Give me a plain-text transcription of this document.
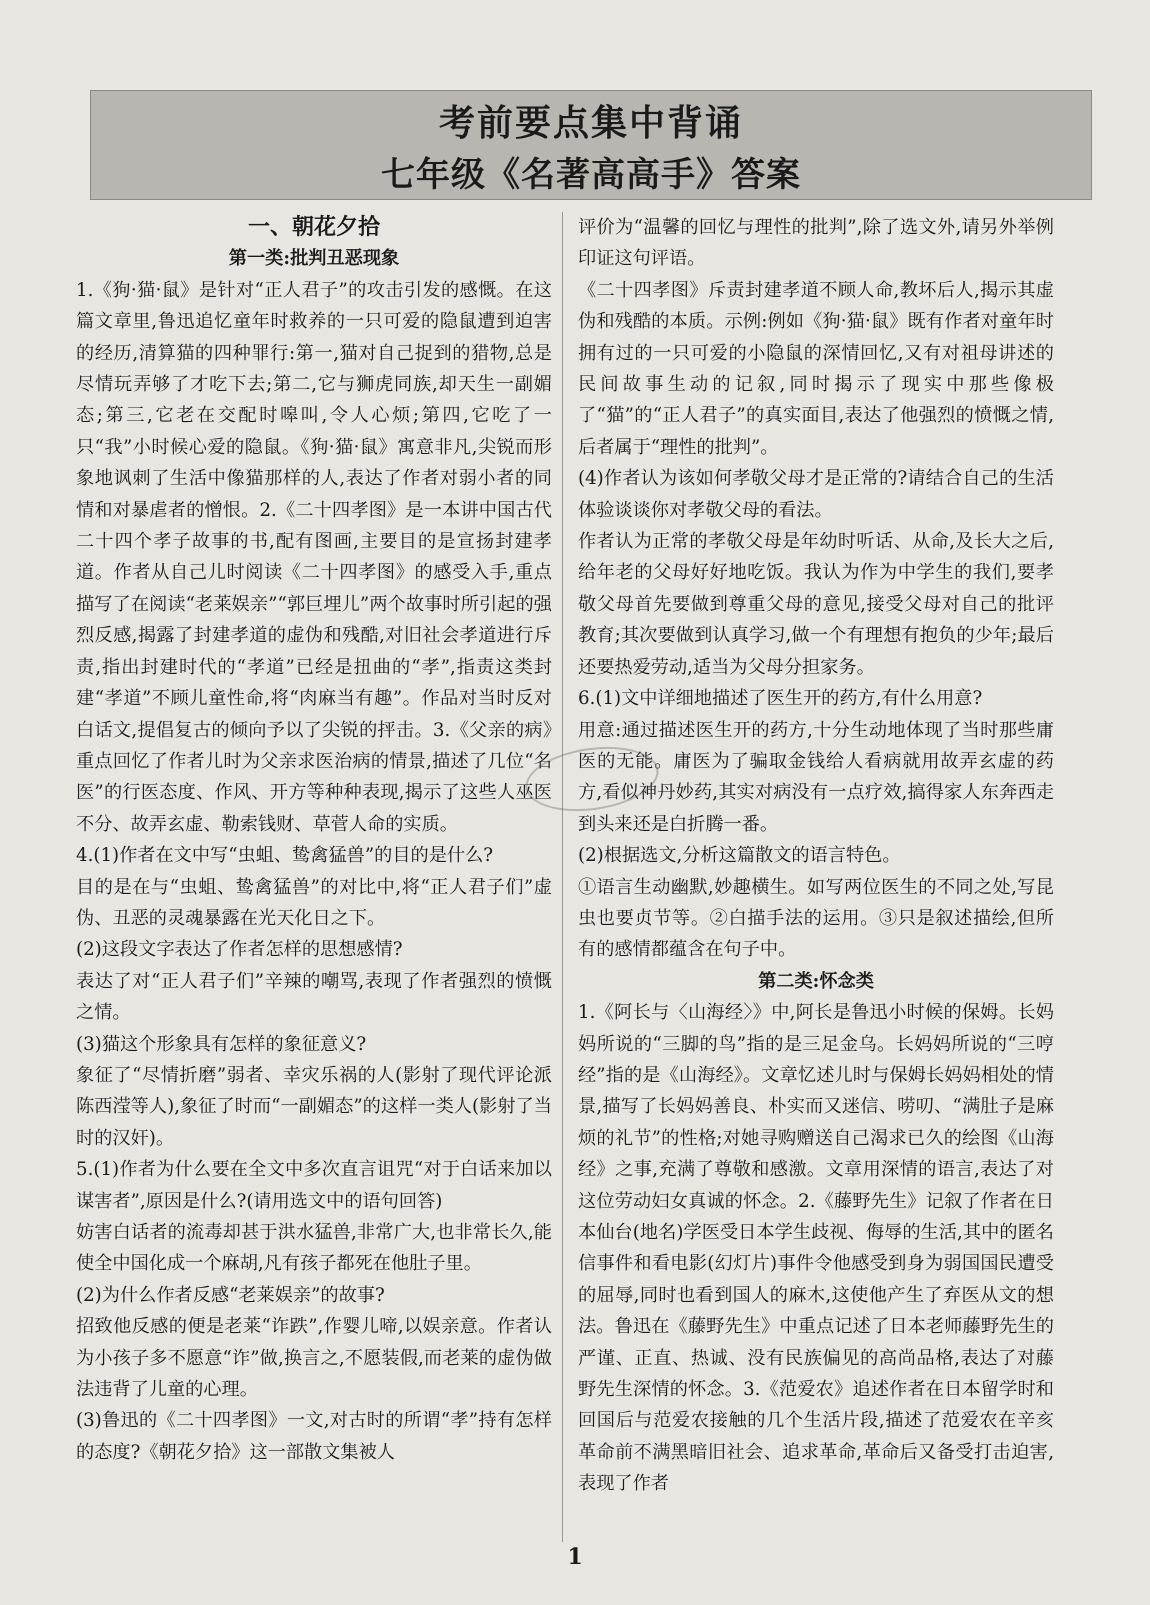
考前要点集中背诵
七年级《名著高高手》答案

一、朝花夕拾

第一类:批判丑恶现象

1.《狗·猫·鼠》是针对“正人君子”的攻击引发的感慨。在这篇文章里,鲁迅追忆童年时救养的一只可爱的隐鼠遭到迫害的经历,清算猫的四种罪行:第一,猫对自己捉到的猎物,总是尽情玩弄够了才吃下去;第二,它与狮虎同族,却天生一副媚态;第三,它老在交配时嗥叫,令人心烦;第四,它吃了一只“我”小时候心爱的隐鼠。《狗·猫·鼠》寓意非凡,尖锐而形象地讽刺了生活中像猫那样的人,表达了作者对弱小者的同情和对暴虐者的憎恨。2.《二十四孝图》是一本讲中国古代二十四个孝子故事的书,配有图画,主要目的是宣扬封建孝道。作者从自己儿时阅读《二十四孝图》的感受入手,重点描写了在阅读“老莱娱亲”“郭巨埋儿”两个故事时所引起的强烈反感,揭露了封建孝道的虚伪和残酷,对旧社会孝道进行斥责,指出封建时代的“孝道”已经是扭曲的“孝”,指责这类封建“孝道”不顾儿童性命,将“肉麻当有趣”。作品对当时反对白话文,提倡复古的倾向予以了尖锐的抨击。3.《父亲的病》重点回忆了作者儿时为父亲求医治病的情景,描述了几位“名医”的行医态度、作风、开方等种种表现,揭示了这些人巫医不分、故弄玄虚、勒索钱财、草菅人命的实质。

4.(1)作者在文中写“虫蛆、鸷禽猛兽”的目的是什么?

目的是在与“虫蛆、鸷禽猛兽”的对比中,将“正人君子们”虚伪、丑恶的灵魂暴露在光天化日之下。

(2)这段文字表达了作者怎样的思想感情?

表达了对“正人君子们”辛辣的嘲骂,表现了作者强烈的愤慨之情。

(3)猫这个形象具有怎样的象征意义?

象征了“尽情折磨”弱者、幸灾乐祸的人(影射了现代评论派陈西滢等人),象征了时而“一副媚态”的这样一类人(影射了当时的汉奸)。

5.(1)作者为什么要在全文中多次直言诅咒“对于白话来加以谋害者”,原因是什么?(请用选文中的语句回答)

妨害白话者的流毒却甚于洪水猛兽,非常广大,也非常长久,能使全中国化成一个麻胡,凡有孩子都死在他肚子里。

(2)为什么作者反感“老莱娱亲”的故事?

招致他反感的便是老莱“诈跌”,作婴儿啼,以娱亲意。作者认为小孩子多不愿意“诈”做,换言之,不愿装假,而老莱的虚伪做法违背了儿童的心理。

(3)鲁迅的《二十四孝图》一文,对古时的所谓“孝”持有怎样的态度?《朝花夕拾》这一部散文集被人

评价为“温馨的回忆与理性的批判”,除了选文外,请另外举例印证这句评语。

《二十四孝图》斥责封建孝道不顾人命,教坏后人,揭示其虚伪和残酷的本质。示例:例如《狗·猫·鼠》既有作者对童年时拥有过的一只可爱的小隐鼠的深情回忆,又有对祖母讲述的民间故事生动的记叙,同时揭示了现实中那些像极了“猫”的“正人君子”的真实面目,表达了他强烈的愤慨之情,后者属于“理性的批判”。

(4)作者认为该如何孝敬父母才是正常的?请结合自己的生活体验谈谈你对孝敬父母的看法。

作者认为正常的孝敬父母是年幼时听话、从命,及长大之后,给年老的父母好好地吃饭。我认为作为中学生的我们,要孝敬父母首先要做到尊重父母的意见,接受父母对自己的批评教育;其次要做到认真学习,做一个有理想有抱负的少年;最后还要热爱劳动,适当为父母分担家务。

6.(1)文中详细地描述了医生开的药方,有什么用意?

用意:通过描述医生开的药方,十分生动地体现了当时那些庸医的无能。庸医为了骗取金钱给人看病就用故弄玄虚的药方,看似神丹妙药,其实对病没有一点疗效,搞得家人东奔西走到头来还是白折腾一番。

(2)根据选文,分析这篇散文的语言特色。

①语言生动幽默,妙趣横生。如写两位医生的不同之处,写昆虫也要贞节等。②白描手法的运用。③只是叙述描绘,但所有的感情都蕴含在句子中。

第二类:怀念类

1.《阿长与〈山海经〉》中,阿长是鲁迅小时候的保姆。长妈妈所说的“三脚的鸟”指的是三足金乌。长妈妈所说的“三哼经”指的是《山海经》。文章忆述儿时与保姆长妈妈相处的情景,描写了长妈妈善良、朴实而又迷信、唠叨、“满肚子是麻烦的礼节”的性格;对她寻购赠送自己渴求已久的绘图《山海经》之事,充满了尊敬和感激。文章用深情的语言,表达了对这位劳动妇女真诚的怀念。2.《藤野先生》记叙了作者在日本仙台(地名)学医受日本学生歧视、侮辱的生活,其中的匿名信事件和看电影(幻灯片)事件令他感受到身为弱国国民遭受的屈辱,同时也看到国人的麻木,这使他产生了弃医从文的想法。鲁迅在《藤野先生》中重点记述了日本老师藤野先生的严谨、正直、热诚、没有民族偏见的高尚品格,表达了对藤野先生深情的怀念。3.《范爱农》追述作者在日本留学时和回国后与范爱农接触的几个生活片段,描述了范爱农在辛亥革命前不满黑暗旧社会、追求革命,革命后又备受打击迫害,表现了作者

1
